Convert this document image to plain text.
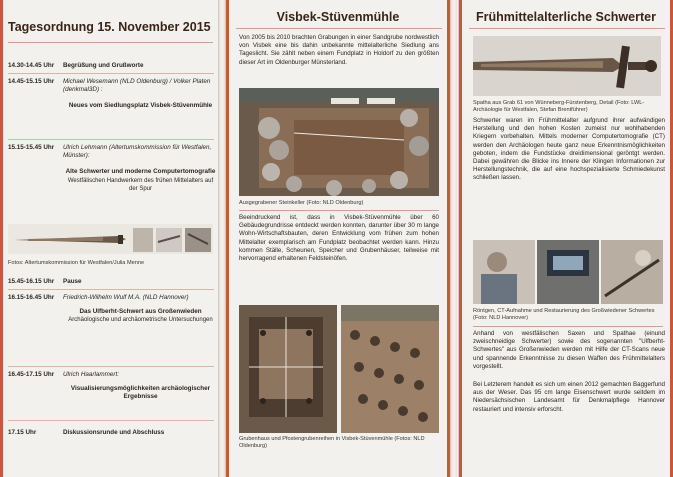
Tagesordnung 15. November 2015
14.30-14.45 Uhr Begrüßung und Grußworte
14.45-15.15 Uhr Michael Wesemann (NLD Oldenburg) / Volker Platen (denkmal3D) :
Neues vom Siedlungsplatz Visbek-Stüvenmühle
15.15-15.45 Uhr Ulrich Lehmann (Altertumskommission für Westfalen, Münster):
Alte Schwerter und moderne Computertomografie
Westfälischen Handwerkern des frühen Mittelalters auf der Spur
Fotos: Altertumskommission für Westfalen/Julia Menne
15.45-16.15 Uhr Pause
16.15-16.45 Uhr Friedrich-Wilhelm Wulf M.A. (NLD Hannover)
Das Ulfberht-Schwert aus Großenwieden
Archäologische und archäometrische Untersuchungen
16.45-17.15 Uhr Ulrich Haarlammert:
Visualisierungsmöglichkeiten archäologischer Ergebnisse
17.15 Uhr	Diskussionsrunde und Abschluss
Visbek-Stüvenmühle
Von 2005 bis 2010 brachten Grabungen in einer Sandgrube nordwestlich von Visbek eine bis dahin unbekannte mittelalterliche Siedlung ans Tageslicht. Sie zählt neben einem Fundplatz in Holdorf zu den größten dieser Art im Oldenburger Münsterland.
Ausgegrabener Steinkeller (Foto: NLD Oldenburg)
Beeindruckend ist, dass in Visbek-Stüvenmühle über 60 Gebäudegrundrisse entdeckt werden konnten, darunter über 30 m lange Wohn-Wirtschaftsbauten, deren Entwicklung vom frühen zum hohen Mittelalter exemplarisch am Fundplatz beobachtet werden kann. Hinzu kommen Ställe, Scheunen, Speicher und Grubenhäuser, teilweise mit hervorragend erhaltenen Feldsteinöfen.
Grubenhaus und Pfostengrubenreihen in Visbek-Stüvenmühle (Fotos: NLD Oldenburg)
Frühmittelalterliche Schwerter
Spatha aus Grab 61 von Wünneberg-Fürstenberg, Detail (Foto: LWL-Archäologie für Westfalen, Stefan Brentführer)
Schwerter waren im Frühmittelalter aufgrund ihrer aufwändigen Herstellung und den hohen Kosten zumeist nur wohlhabenden Kriegern vorbehalten. Mittels moderner Computertomografie (CT) werden den Archäologen heute ganz neue Erkenntnismöglichkeiten geboten, indem die Fundstücke dreidimensional geröntgt werden. Dabei gewähren die Blicke ins Innere der Klingen Informationen zur Herstellungstechnik, die auf eine hochspezialisierte Schmiedekunst schließen lassen.
Röntgen, CT-Aufnahme und Restaurierung des Großwiedener Schwertes (Foto: NLD Hannover)
Anhand von westfälischen Saxen und Spathae (einund zweischneidige Schwerter) sowie des sogenannten "Ulfberht-Schwertes" aus Großenwieden werden mit Hilfe der CT-Scans neue und spannende Erkenntnisse zu diesen Waffen des Frühmittelalters vorgestellt.
Bei Letzterem handelt es sich um einen 2012 gemachten Baggerfund aus der Weser. Das 95 cm lange Eisenschwert wurde seitdem im Niedersächsischen Landesamt für Denkmalpflege Hannover restauriert und intensiv erforscht.
